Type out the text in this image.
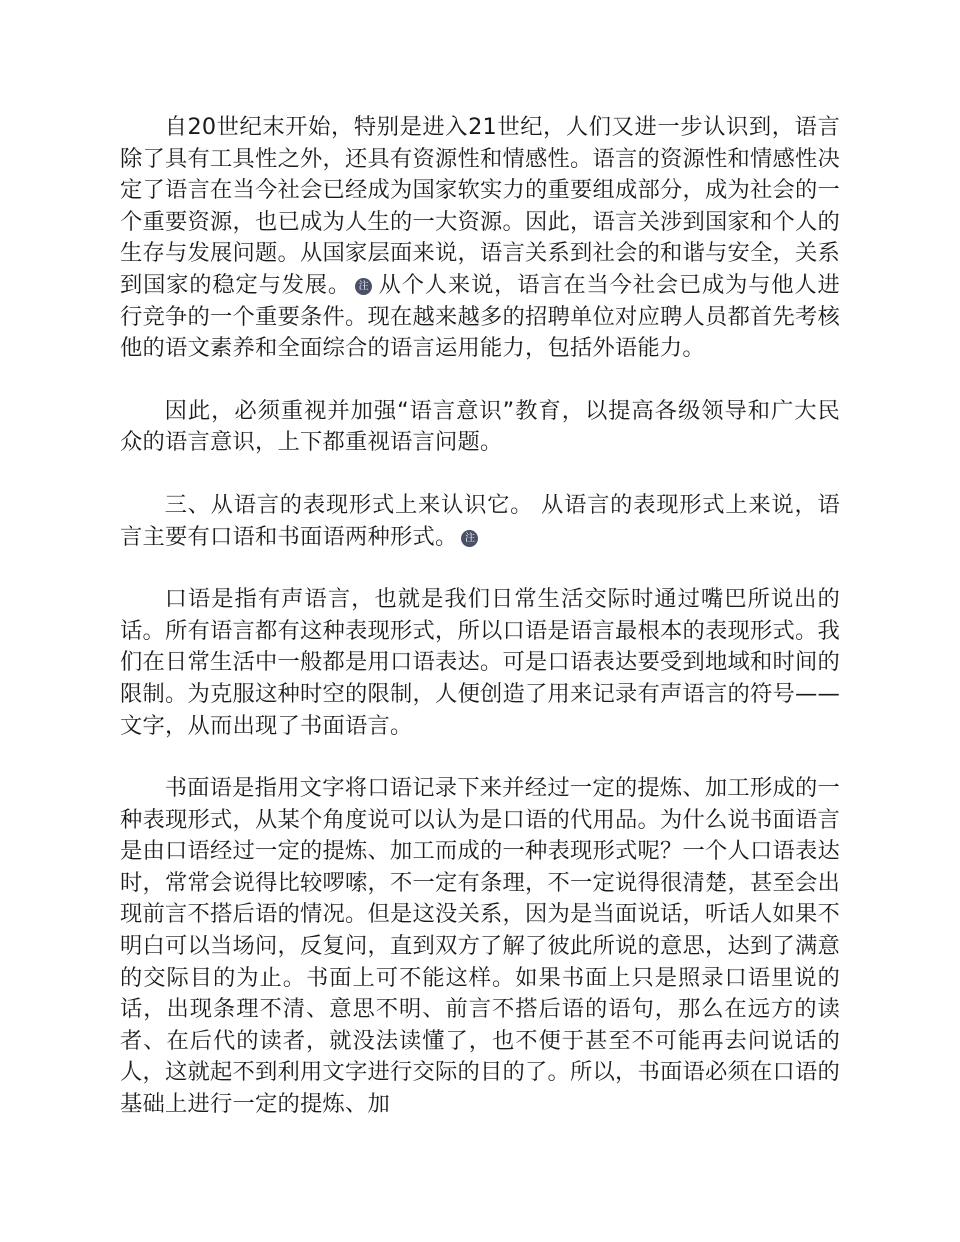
自20世纪末开始，特别是进入21世纪，人们又进一步认识到，语言除了具有工具性之外，还具有资源性和情感性。语言的资源性和情感性决定了语言在当今社会已经成为国家软实力的重要组成部分，成为社会的一个重要资源，也已成为人生的一大资源。因此，语言关涉到国家和个人的生存与发展问题。从国家层面来说，语言关系到社会的和谐与安全，关系到国家的稳定与发展。 注 从个人来说，语言在当今社会已成为与他人进行竞争的一个重要条件。现在越来越多的招聘单位对应聘人员都首先考核他的语文素养和全面综合的语言运用能力，包括外语能力。

因此，必须重视并加强“语言意识”教育，以提高各级领导和广大民众的语言意识，上下都重视语言问题。

三、从语言的表现形式上来认识它。 从语言的表现形式上来说，语言主要有口语和书面语两种形式。 注

口语是指有声语言，也就是我们日常生活交际时通过嘴巴所说出的话。所有语言都有这种表现形式，所以口语是语言最根本的表现形式。我们在日常生活中一般都是用口语表达。可是口语表达要受到地域和时间的限制。为克服这种时空的限制，人便创造了用来记录有声语言的符号——文字，从而出现了书面语言。

书面语是指用文字将口语记录下来并经过一定的提炼、加工形成的一种表现形式，从某个角度说可以认为是口语的代用品。为什么说书面语言是由口语经过一定的提炼、加工而成的一种表现形式呢？一个人口语表达时，常常会说得比较啰嗦，不一定有条理，不一定说得很清楚，甚至会出现前言不搭后语的情况。但是这没关系，因为是当面说话，听话人如果不明白可以当场问，反复问，直到双方了解了彼此所说的意思，达到了满意的交际目的为止。书面上可不能这样。如果书面上只是照录口语里说的话，出现条理不清、意思不明、前言不搭后语的语句，那么在远方的读者、在后代的读者，就没法读懂了，也不便于甚至不可能再去问说话的人，这就起不到利用文字进行交际的目的了。所以，书面语必须在口语的基础上进行一定的提炼、加
